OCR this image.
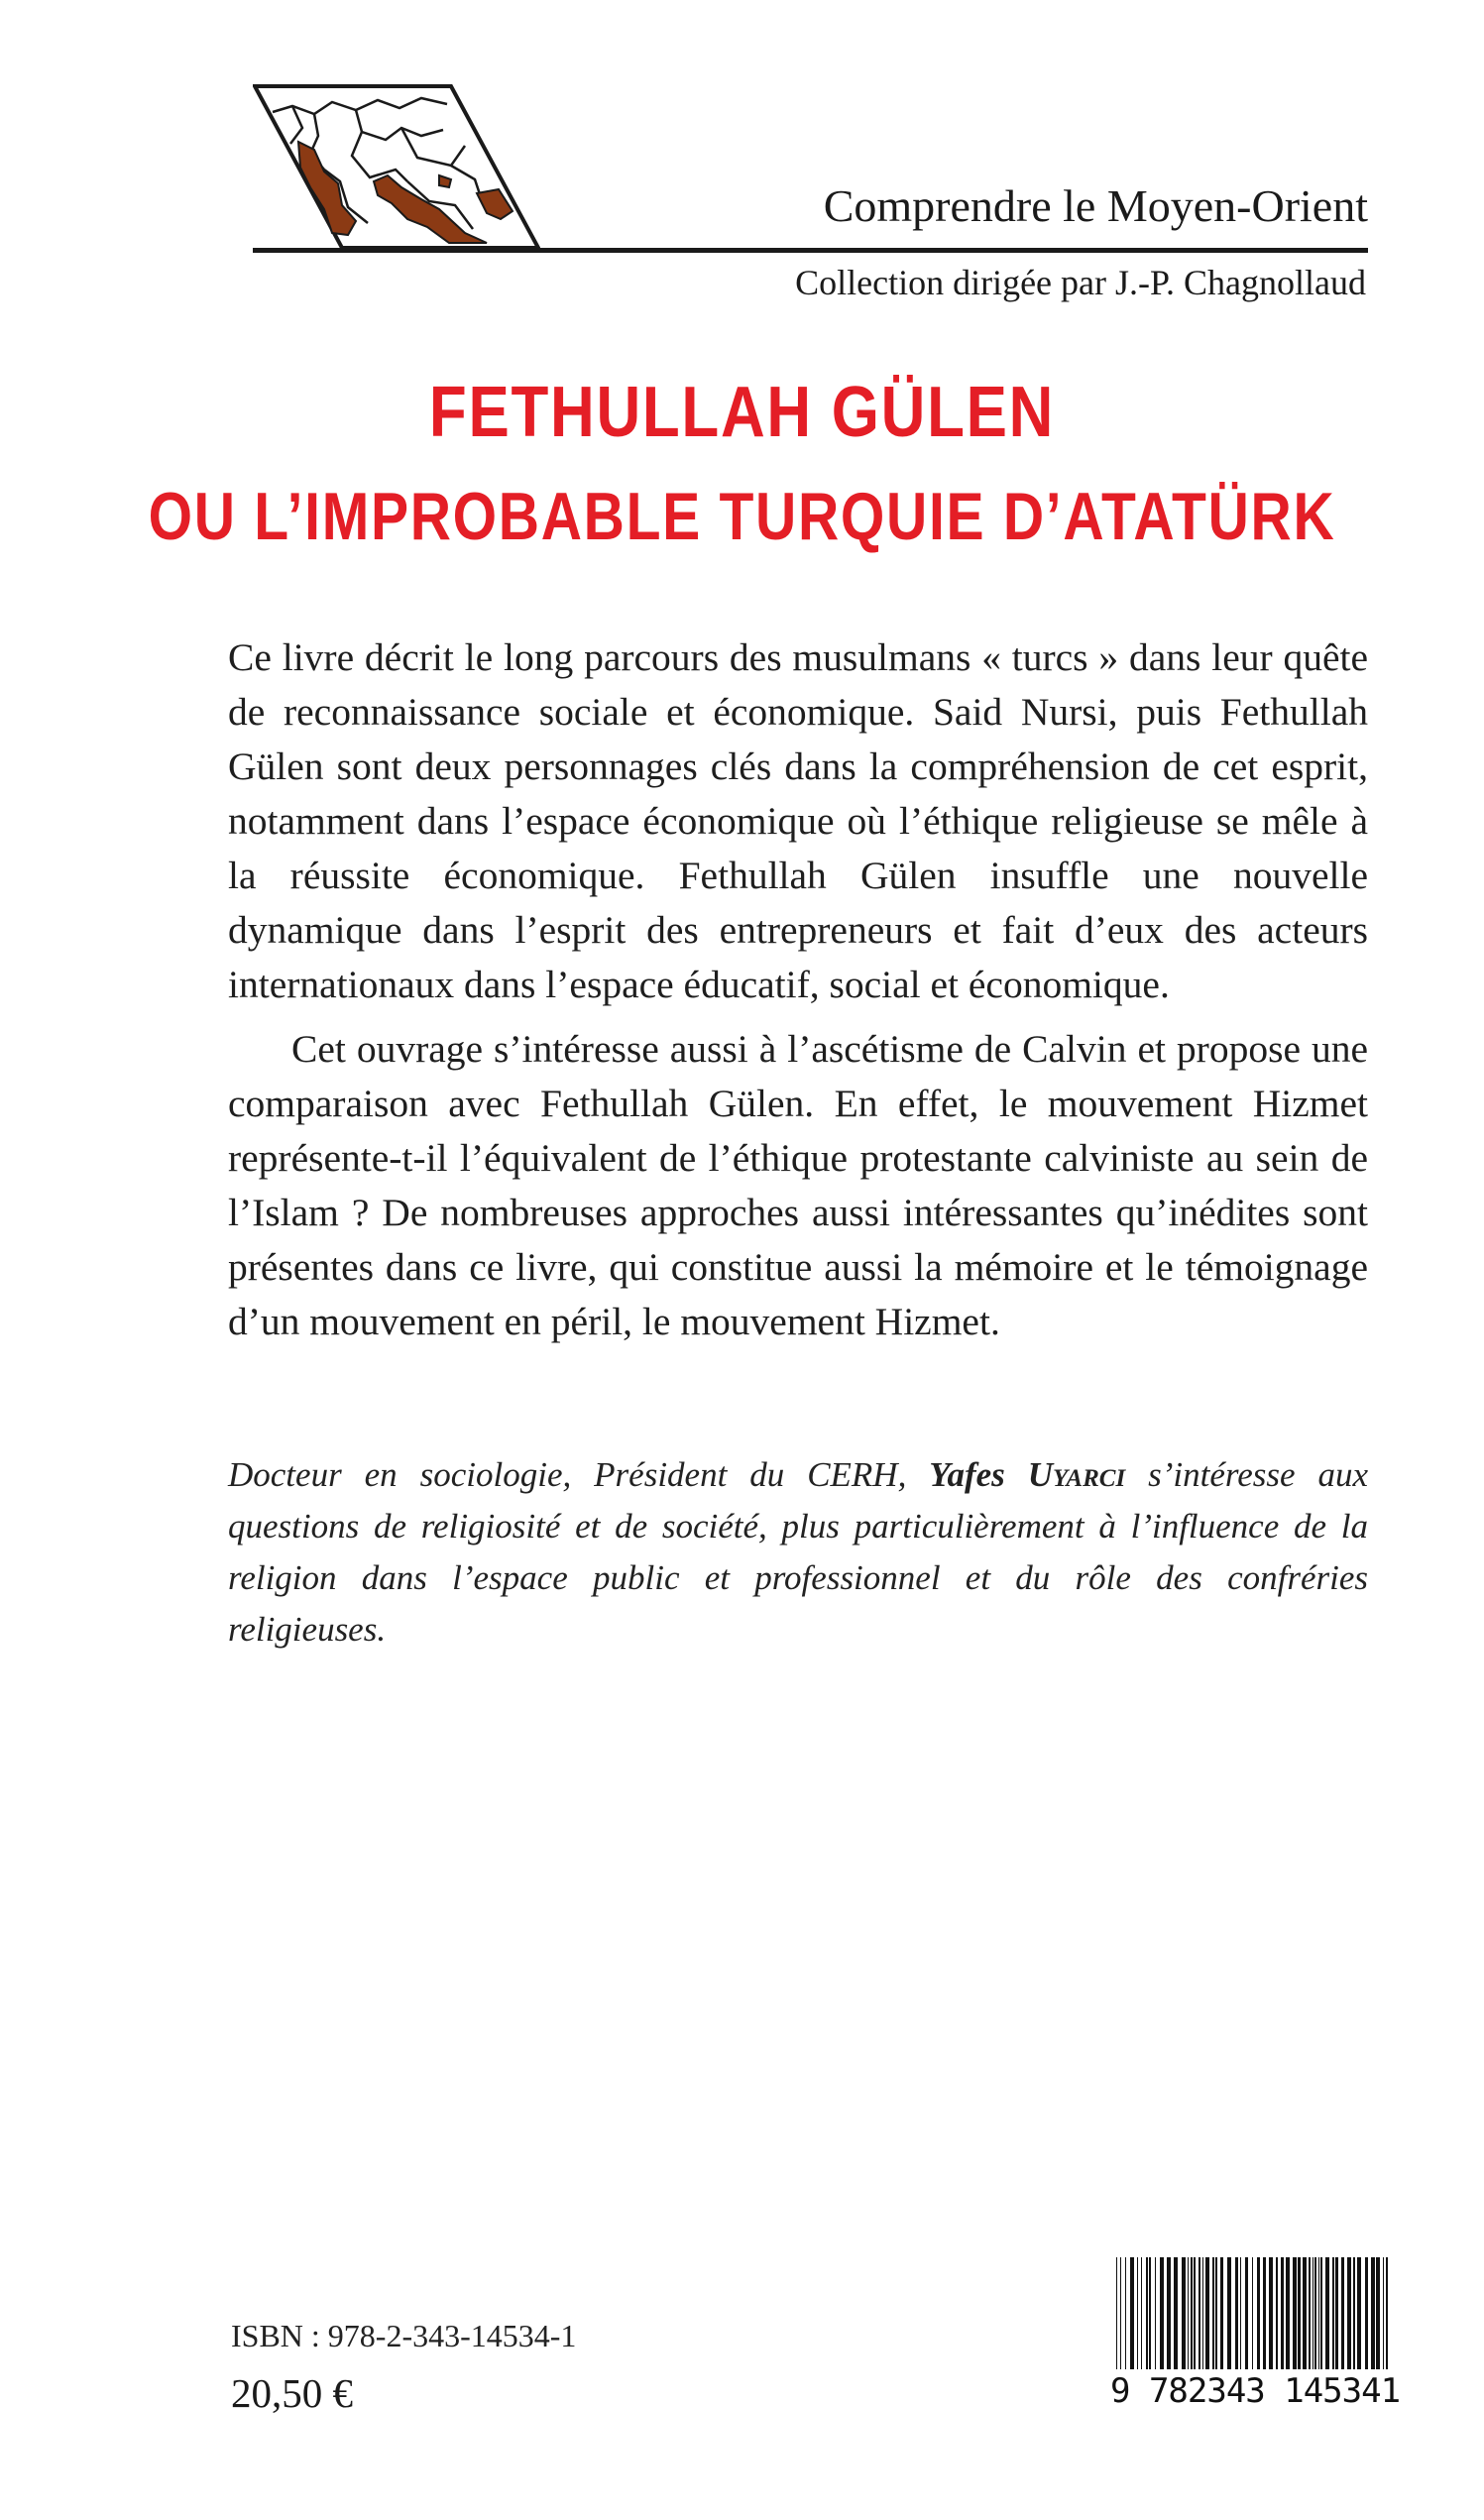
Comprendre le Moyen-Orient
Collection dirigée par J.-P. Chagnollaud
FETHULLAH GÜLEN
OU L’IMPROBABLE TURQUIE D’ATATÜRK

Ce livre décrit le long parcours des musulmans « turcs » dans leur quête de reconnaissance sociale et économique. Said Nursi, puis Fethullah Gülen sont deux personnages clés dans la compréhension de cet esprit, notamment dans l’espace économique où l’éthique religieuse se mêle à la réussite économique. Fethullah Gülen insuffle une nouvelle dynamique dans l’esprit des entrepreneurs et fait d’eux des acteurs internationaux dans l’espace éducatif, social et économique.

Cet ouvrage s’intéresse aussi à l’ascétisme de Calvin et propose une comparaison avec Fethullah Gülen. En effet, le mouvement Hizmet représente-t-il l’équivalent de l’éthique protestante calviniste au sein de l’Islam ? De nombreuses approches aussi intéressantes qu’inédites sont présentes dans ce livre, qui constitue aussi la mémoire et le témoignage d’un mouvement en péril, le mouvement Hizmet.

Docteur en sociologie, Président du CERH, Yafes Uyarci s’intéresse aux questions de religiosité et de société, plus particulièrement à l’influence de la religion dans l’espace public et professionnel et du rôle des confréries religieuses.

ISBN : 978-2-343-14534-1
20,50 €	9 782343 145341
